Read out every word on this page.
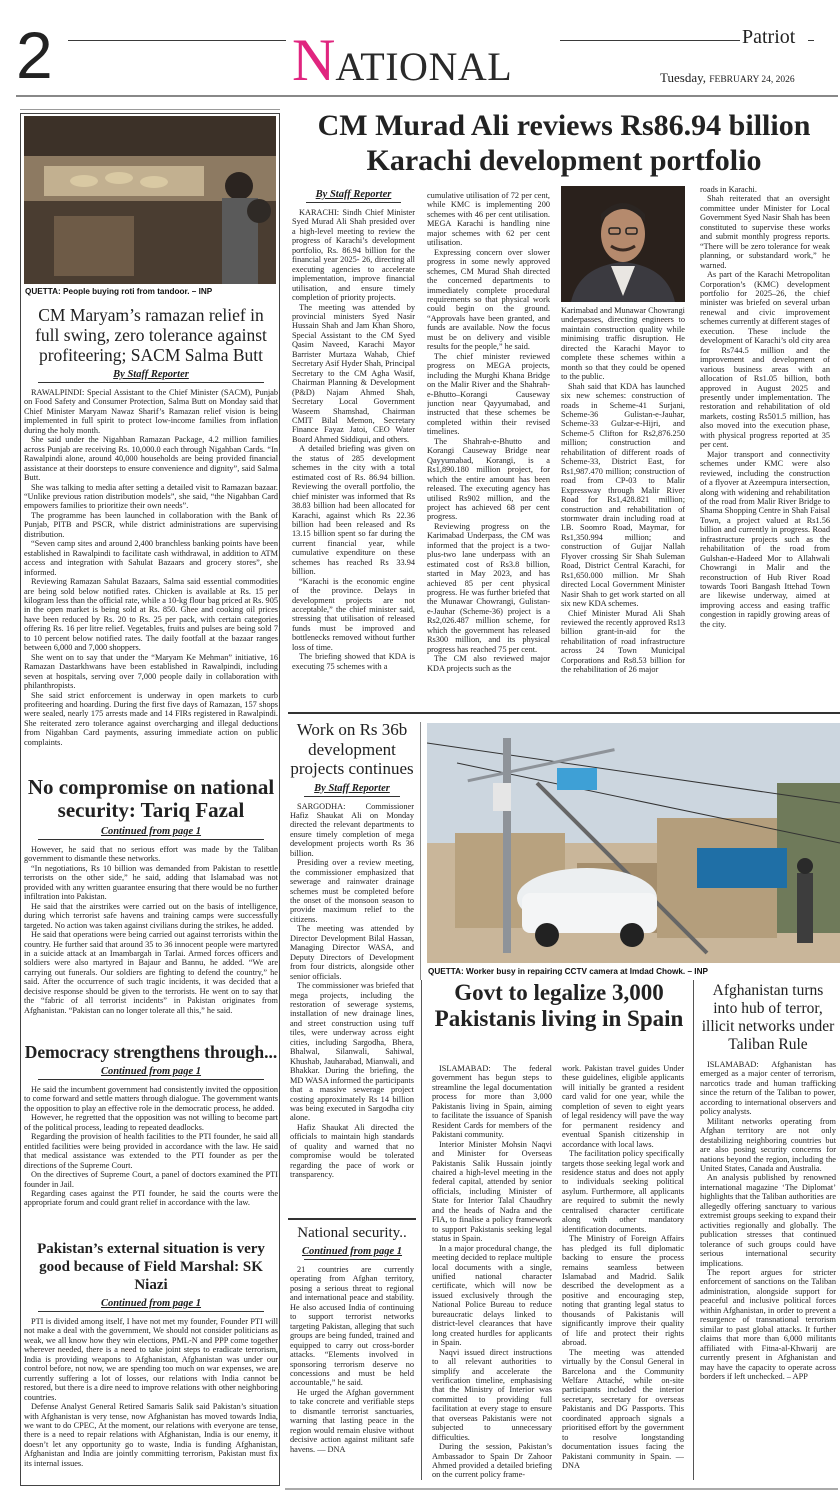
2	NATIONAL
Patriot
Tuesday, FEBRUARY 24, 2026
QUETTA: People buying roti from tandoor. – INP
CM Maryam’s ramazan relief in full swing, zero tolerance against profiteering; SACM Salma Butt
By Staff Reporter

RAWALPINDI: Special Assistant to the Chief Minister (SACM), Punjab on Food Safety and Consumer Protection, Salma Butt on Monday said that Chief Minister Maryam Nawaz Sharif’s Ramazan relief vision is being implemented in full spirit to protect low-income families from inflation during the holy month.

She said under the Nigahban Ramazan Package, 4.2 million families across Punjab are receiving Rs. 10,000.0 each through Nigahban Cards. “In Rawalpindi alone, around 40,000 households are being provided financial assistance at their doorsteps to ensure convenience and dignity”, said Salma Butt.

She was talking to media after setting a detailed visit to Ramazan bazaar. “Unlike previous ration distribution models”, she said, “the Nigahban Card empowers families to prioritize their own needs”.

The programme has been launched in collaboration with the Bank of Punjab, PITB and PSCR, while district administrations are supervising distribution.

“Seven camp sites and around 2,400 branchless banking points have been established in Rawalpindi to facilitate cash withdrawal, in addition to ATM access and integration with Sahulat Bazaars and grocery stores”, she informed.

Reviewing Ramazan Sahulat Bazaars, Salma said essential commodities are being sold below notified rates. Chicken is available at Rs. 15 per kilogram less than the official rate, while a 10-kg flour bag priced at Rs. 905 in the open market is being sold at Rs. 850. Ghee and cooking oil prices have been reduced by Rs. 20 to Rs. 25 per pack, with certain categories offering Rs. 16 per litre relief. Vegetables, fruits and pulses are being sold 7 to 10 percent below notified rates. The daily footfall at the bazaar ranges between 6,000 and 7,000 shoppers.

She went on to say that under the “Maryam Ke Mehman” initiative, 16 Ramazan Dastarkhwans have been established in Rawalpindi, including seven at hospitals, serving over 7,000 people daily in collaboration with philanthropists.

She said strict enforcement is underway in open markets to curb profiteering and hoarding. During the first five days of Ramazan, 157 shops were sealed, nearly 175 arrests made and 14 FIRs registered in Rawalpindi. She reiterated zero tolerance against overcharging and illegal deductions from Nigahban Card payments, assuring immediate action on public complaints.

No compromise on national security: Tariq Fazal
Continued from page 1

However, he said that no serious effort was made by the Taliban government to dismantle these networks.

“In negotiations, Rs 10 billion was demanded from Pakistan to resettle terrorists on the other side,” he said, adding that Islamabad was not provided with any written guarantee ensuring that there would be no further infiltration into Pakistan.

He said that the airstrikes were carried out on the basis of intelligence, during which terrorist safe havens and training camps were successfully targeted. No action was taken against civilians during the strikes, he added.

He said that operations were being carried out against terrorists within the country. He further said that around 35 to 36 innocent people were martyred in a suicide attack at an Imambargah in Tarlai. Armed forces officers and soldiers were also martyred in Bajaur and Bannu, he added. “We are carrying out funerals. Our soldiers are fighting to defend the country,” he said. After the occurrence of such tragic incidents, it was decided that a decisive response should be given to the terrorists. He went on to say that the “fabric of all terrorist incidents” in Pakistan originates from Afghanistan. “Pakistan can no longer tolerate all this,” he said.

Democracy strengthens through...
Continued from page 1

He said the incumbent government had consistently invited the opposition to come forward and settle matters through dialogue. The government wants the opposition to play an effective role in the democratic process, he added.

However, he regretted that the opposition was not willing to become part of the political process, leading to repeated deadlocks.

Regarding the provision of health facilities to the PTI founder, he said all entitled facilities were being provided in accordance with the law. He said that medical assistance was extended to the PTI founder as per the directions of the Supreme Court.

On the directives of Supreme Court, a panel of doctors examined the PTI founder in Jail.

Regarding cases against the PTI founder, he said the courts were the appropriate forum and could grant relief in accordance with the law.

Pakistan’s external situation is very good because of Field Marshal: SK Niazi
Continued from page 1

PTI is divided among itself, I have not met my founder, Founder PTI will not make a deal with the government, We should not consider politicians as weak, we all know how they win elections, PML-N and PPP come together wherever needed, there is a need to take joint steps to eradicate terrorism, India is providing weapons to Afghanistan, Afghanistan was under our control before, not now, we are spending too much on war expenses, we are currently suffering a lot of losses, our relations with India cannot be restored, but there is a dire need to improve relations with other neighboring countries.

Defense Analyst General Retired Samaris Salik said Pakistan’s situation with Afghanistan is very tense, now Afghanistan has moved towards India, we want to do CPEC, At the moment, our relations with everyone are tense, there is a need to repair relations with Afghanistan, India is our enemy, it doesn’t let any opportunity go to waste, India is funding Afghanistan, Afghanistan and India are jointly committing terrorism, Pakistan must fix its internal issues.

CM Murad Ali reviews Rs86.94 billion
Karachi development portfolio
By Staff Reporter

KARACHI: Sindh Chief Minister Syed Murad Ali Shah presided over a high-level meeting to review the progress of Karachi’s development portfolio, Rs. 86.94 billion for the financial year 2025- 26, directing all executing agencies to accelerate implementation, improve financial utilisation, and ensure timely completion of priority projects.

The meeting was attended by provincial ministers Syed Nasir Hussain Shah and Jam Khan Shoro, Special Assistant to the CM Syed Qasim Naveed, Karachi Mayor Barrister Murtaza Wahab, Chief Secretary Asif Hyder Shah, Principal Secretary to the CM Agha Wasif, Chairman Planning & Development (P&D) Najam Ahmed Shah, Secretary Local Government Waseem Shamshad, Chairman CMIT Bilal Memon, Secretary Finance Fayaz Jatoi, CEO Water Board Ahmed Siddiqui, and others.

A detailed briefing was given on the status of 285 development schemes in the city with a total estimated cost of Rs. 86.94 billion. Reviewing the overall portfolio, the chief minister was informed that Rs 38.83 billion had been allocated for Karachi, against which Rs 22.36 billion had been released and Rs 13.15 billion spent so far during the current financial year, while cumulative expenditure on these schemes has reached Rs 33.94 billion.

“Karachi is the economic engine of the province. Delays in development projects are not acceptable,” the chief minister said, stressing that utilisation of released funds must be improved and bottlenecks removed without further loss of time.

The briefing showed that KDA is executing 75 schemes with a

cumulative utilisation of 72 per cent, while KMC is implementing 200 schemes with 46 per cent utilisation. MEGA Karachi is handling nine major schemes with 62 per cent utilisation.

Expressing concern over slower progress in some newly approved schemes, CM Murad Shah directed the concerned departments to immediately complete procedural requirements so that physical work could begin on the ground. “Approvals have been granted, and funds are available. Now the focus must be on delivery and visible results for the people,” he said.

The chief minister reviewed progress on MEGA projects, including the Murghi Khana Bridge on the Malir River and the Shahrah-e-Bhutto–Korangi Causeway junction near Qayyumabad, and instructed that these schemes be completed within their revised timelines.

The Shahrah-e-Bhutto and Korangi Causeway Bridge near Qayyumabad, Korangi, is a Rs1,890.180 million project, for which the entire amount has been released. The executing agency has utilised Rs902 million, and the project has achieved 68 per cent progress.

Reviewing progress on the Karimabad Underpass, the CM was informed that the project is a two-plus-two lane underpass with an estimated cost of Rs3.8 billion, started in May 2023, and has achieved 85 per cent physical progress. He was further briefed that the Munawar Chowrangi, Gulistan-e-Jauhar (Scheme-36) project is a Rs2,026.487 million scheme, for which the government has released Rs300 million, and its physical progress has reached 75 per cent.

The CM also reviewed major KDA projects such as the

Karimabad and Munawar Chowrangi underpasses, directing engineers to maintain construction quality while minimising traffic disruption. He directed the Karachi Mayor to complete these schemes within a month so that they could be opened to the public.

Shah said that KDA has launched six new schemes: construction of roads in Scheme-41 Surjani, Scheme-36 Gulistan-e-Jauhar, Scheme-33 Gulzar-e-Hijri, and Scheme-5 Clifton for Rs2,876.250 million; construction and rehabilitation of different roads of Scheme-33, District East, for Rs1,987.470 million; construction of road from CP-03 to Malir Expressway through Malir River Road for Rs1,428.821 million; construction and rehabilitation of stormwater drain including road at I.B. Soomro Road, Maymar, for Rs1,350.994 million; and construction of Gujjar Nallah Flyover crossing Sir Shah Suleman Road, District Central Karachi, for Rs1,650.000 million. Mr Shah directed Local Government Minister Nasir Shah to get work started on all six new KDA schemes.

Chief Minister Murad Ali Shah reviewed the recently approved Rs13 billion grant-in-aid for the rehabilitation of road infrastructure across 24 Town Municipal Corporations and Rs8.53 billion for the rehabilitation of 26 major

roads in Karachi.

Shah reiterated that an oversight committee under Minister for Local Government Syed Nasir Shah has been constituted to supervise these works and submit monthly progress reports. “There will be zero tolerance for weak planning, or substandard work,” he warned.

As part of the Karachi Metropolitan Corporation’s (KMC) development portfolio for 2025–26, the chief minister was briefed on several urban renewal and civic improvement schemes currently at different stages of execution. These include the development of Karachi’s old city area for Rs744.5 million and the improvement and development of various business areas with an allocation of Rs1.05 billion, both approved in August 2025 and presently under implementation. The restoration and rehabilitation of old markets, costing Rs501.5 million, has also moved into the execution phase, with physical progress reported at 35 per cent.

Major transport and connectivity schemes under KMC were also reviewed, including the construction of a flyover at Azeempura intersection, along with widening and rehabilitation of the road from Malir River Bridge to Shama Shopping Centre in Shah Faisal Town, a project valued at Rs1.56 billion and currently in progress. Road infrastructure projects such as the rehabilitation of the road from Gulshan-e-Hadeed Mor to Allahwali Chowrangi in Malir and the reconstruction of Hub River Road towards Toori Bangash Ittehad Town are likewise underway, aimed at improving access and easing traffic congestion in rapidly growing areas of the city.

Work on Rs 36b development projects continues
By Staff Reporter

SARGODHA: Commissioner Hafiz Shaukat Ali on Monday directed the relevant departments to ensure timely completion of mega development projects worth Rs 36 billion.

Presiding over a review meeting, the commissioner emphasized that sewerage and rainwater drainage schemes must be completed before the onset of the monsoon season to provide maximum relief to the citizens.

The meeting was attended by Director Development Bilal Hassan, Managing Director WASA, and Deputy Directors of Development from four districts, alongside other senior officials.

The commissioner was briefed that mega projects, including the restoration of sewerage systems, installation of new drainage lines, and street construction using tuff tiles, were underway across eight cities, including Sargodha, Bhera, Bhalwal, Silanwali, Sahiwal, Khushab, Jauharabad, Mianwali, and Bhakkar. During the briefing, the MD WASA informed the participants that a massive sewerage project costing approximately Rs 14 billion was being executed in Sargodha city alone.

Hafiz Shaukat Ali directed the officials to maintain high standards of quality and warned that no compromise would be tolerated regarding the pace of work or transparency.

National security..
Continued from page 1

21 countries are currently operating from Afghan territory, posing a serious threat to regional and international peace and stability. He also accused India of continuing to support terrorist networks targeting Pakistan, alleging that such groups are being funded, trained and equipped to carry out cross-border attacks. “Elements involved in sponsoring terrorism deserve no concessions and must be held accountable,” he said.

He urged the Afghan government to take concrete and verifiable steps to dismantle terrorist sanctuaries, warning that lasting peace in the region would remain elusive without decisive action against militant safe havens. — DNA

QUETTA: Worker busy in repairing CCTV camera at Imdad Chowk. – INP
Govt to legalize 3,000 Pakistanis living in Spain

ISLAMABAD: The federal government has begun steps to streamline the legal documentation process for more than 3,000 Pakistanis living in Spain, aiming to facilitate the issuance of Spanish Resident Cards for members of the Pakistani community.

Interior Minister Mohsin Naqvi and Minister for Overseas Pakistanis Salik Hussain jointly chaired a high-level meeting in the federal capital, attended by senior officials, including Minister of State for Interior Talal Chaudhry and the heads of Nadra and the FIA, to finalise a policy framework to support Pakistanis seeking legal status in Spain.

In a major procedural change, the meeting decided to replace multiple local documents with a single, unified national character certificate, which will now be issued exclusively through the National Police Bureau to reduce bureaucratic delays linked to district-level clearances that have long created hurdles for applicants in Spain.

Naqvi issued direct instructions to all relevant authorities to simplify and accelerate the verification timeline, emphasising that the Ministry of Interior was committed to providing full facilitation at every stage to ensure that overseas Pakistanis were not subjected to unnecessary difficulties.

During the session, Pakistan’s Ambassador to Spain Dr Zahoor Ahmed provided a detailed briefing on the current policy frame-

work. Pakistan travel guides Under these guidelines, eligible applicants will initially be granted a resident card valid for one year, while the completion of seven to eight years of legal residency will pave the way for permanent residency and eventual Spanish citizenship in accordance with local laws.

The facilitation policy specifically targets those seeking legal work and residence status and does not apply to individuals seeking political asylum. Furthermore, all applicants are required to submit the newly centralised character certificate along with other mandatory identification documents.

The Ministry of Foreign Affairs has pledged its full diplomatic backing to ensure the process remains seamless between Islamabad and Madrid. Salik described the development as a positive and encouraging step, noting that granting legal status to thousands of Pakistanis will significantly improve their quality of life and protect their rights abroad.

The meeting was attended virtually by the Consul General in Barcelona and the Community Welfare Attaché, while on-site participants included the interior secretary, secretary for overseas Pakistanis and DG Passports. This coordinated approach signals a prioritised effort by the government to resolve longstanding documentation issues facing the Pakistani community in Spain. — DNA

Afghanistan turns into hub of terror, illicit networks under Taliban Rule

ISLAMABAD: Afghanistan has emerged as a major center of terrorism, narcotics trade and human trafficking since the return of the Taliban to power, according to international observers and policy analysts.

Militant networks operating from Afghan territory are not only destabilizing neighboring countries but are also posing security concerns for nations beyond the region, including the United States, Canada and Australia.

An analysis published by renowned international magazine ‘The Diplomat’ highlights that the Taliban authorities are allegedly offering sanctuary to various extremist groups seeking to expand their activities regionally and globally. The publication stresses that continued tolerance of such groups could have serious international security implications.

The report argues for stricter enforcement of sanctions on the Taliban administration, alongside support for peaceful and inclusive political forces within Afghanistan, in order to prevent a resurgence of transnational terrorism similar to past global attacks. It further claims that more than 6,000 militants affiliated with Fitna-al-Khwarij are currently present in Afghanistan and may have the capacity to operate across borders if left unchecked. – APP
